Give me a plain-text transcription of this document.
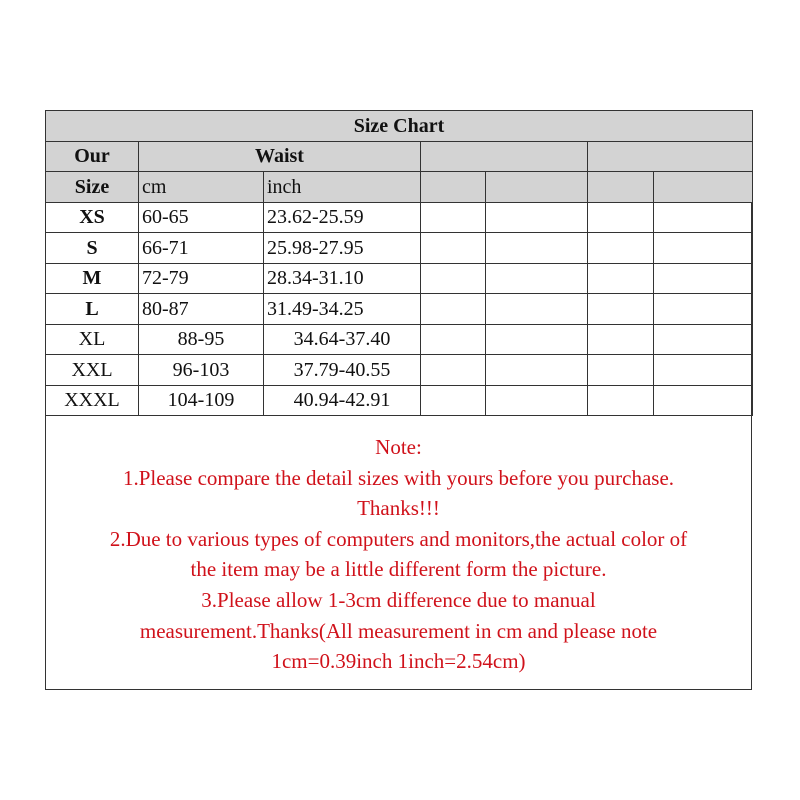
Size Chart						
Our	Waist					
Size	cm	inch				
XS	60-65	23.62-25.59				
S	66-71	25.98-27.95				
M	72-79	28.34-31.10				
L	80-87	31.49-34.25				
XL	88-95	34.64-37.40				
XXL	96-103	37.79-40.55				
XXXL	104-109	40.94-42.91				
Note:
1.Please compare the detail sizes with yours before you purchase.
Thanks!!!
2.Due to various types of computers and monitors,the actual color of
the item may be a little different form the picture.
3.Please allow 1-3cm difference due to manual
measurement.Thanks(All measurement in cm and please note
1cm=0.39inch 1inch=2.54cm)
